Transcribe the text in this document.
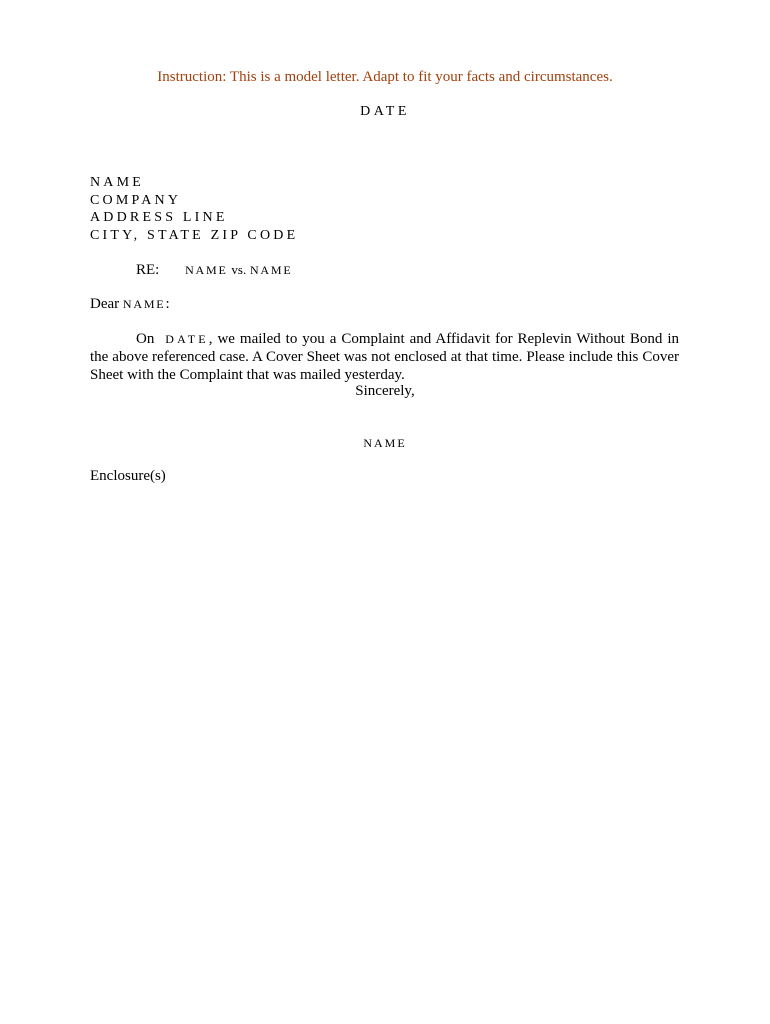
Instruction: This is a model letter. Adapt to fit your facts and circumstances.
DATE
NAME
COMPANY
ADDRESS LINE
CITY, STATE ZIP CODE
RE: NAME vs. NAME
Dear NAME:
On DATE, we mailed to you a Complaint and Affidavit for Replevin Without Bond in the above referenced case. A Cover Sheet was not enclosed at that time. Please include this Cover Sheet with the Complaint that was mailed yesterday.
Sincerely,
NAME
Enclosure(s)
